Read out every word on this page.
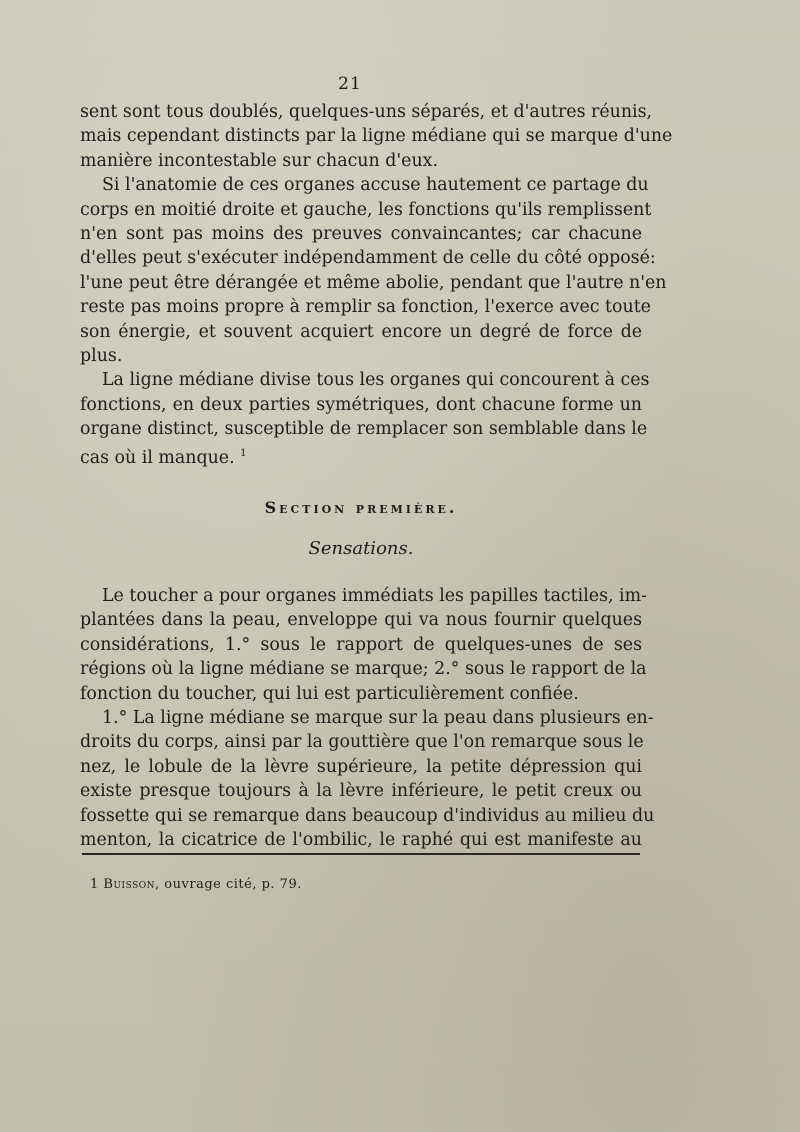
21
sent sont tous doublés, quelques-uns séparés, et d'autres réunis,
mais cependant distincts par la ligne médiane qui se marque d'une
manière incontestable sur chacun d'eux.
Si l'anatomie de ces organes accuse hautement ce partage du
corps en moitié droite et gauche, les fonctions qu'ils remplissent
n'en sont pas moins des preuves convaincantes; car chacune
d'elles peut s'exécuter indépendamment de celle du côté opposé:
l'une peut être dérangée et même abolie, pendant que l'autre n'en
reste pas moins propre à remplir sa fonction, l'exerce avec toute
son énergie, et souvent acquiert encore un degré de force de
plus.
La ligne médiane divise tous les organes qui concourent à ces
fonctions, en deux parties symétriques, dont chacune forme un
organe distinct, susceptible de remplacer son semblable dans le
cas où il manque. $^1$
Section première.
Sensations.
Le toucher a pour organes immédiats les papilles tactiles, im-
plantées dans la peau, enveloppe qui va nous fournir quelques
considérations, 1.° sous le rapport de quelques-unes de ses
régions où la ligne médiane se marque; 2.° sous le rapport de la
fonction du toucher, qui lui est particulièrement confiée.
1.° La ligne médiane se marque sur la peau dans plusieurs en-
droits du corps, ainsi par la gouttière que l'on remarque sous le
nez, le lobule de la lèvre supérieure, la petite dépression qui
existe presque toujours à la lèvre inférieure, le petit creux ou
fossette qui se remarque dans beaucoup d'individus au milieu du
menton, la cicatrice de l'ombilic, le raphé qui est manifeste au
1 Buisson, ouvrage cité, p. 79.
